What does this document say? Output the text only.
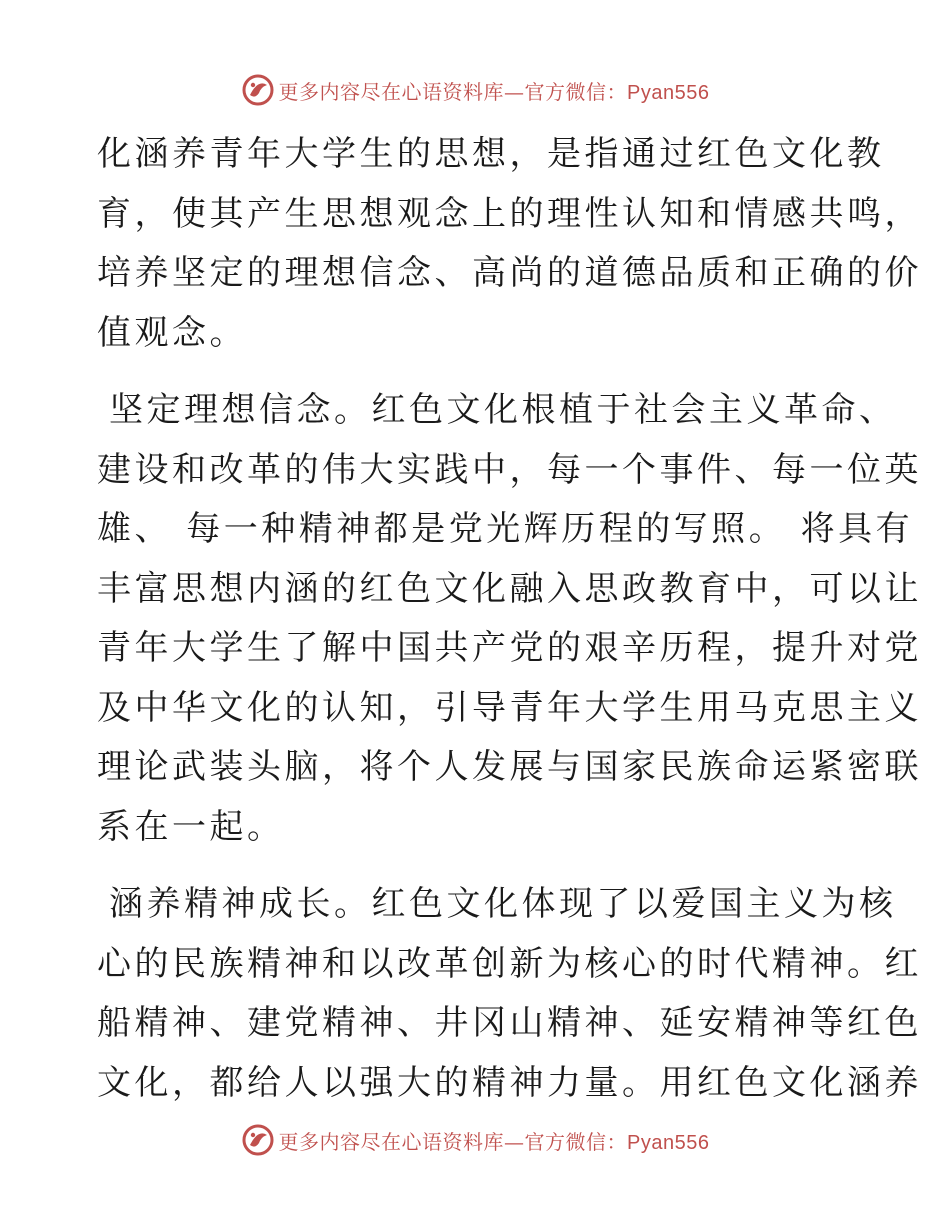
更多内容尽在心语资料库—官方微信：Pyan556

化涵养青年大学生的思想，是指通过红色文化教
育，使其产生思想观念上的理性认知和情感共鸣，
培养坚定的理想信念、高尚的道德品质和正确的价
值观念。

坚定理想信念。红色文化根植于社会主义革命、
建设和改革的伟大实践中，每一个事件、每一位英
雄、 每一种精神都是党光辉历程的写照。 将具有
丰富思想内涵的红色文化融入思政教育中，可以让
青年大学生了解中国共产党的艰辛历程，提升对党
及中华文化的认知，引导青年大学生用马克思主义
理论武装头脑，将个人发展与国家民族命运紧密联
系在一起。

涵养精神成长。红色文化体现了以爱国主义为核
心的民族精神和以改革创新为核心的时代精神。红
船精神、建党精神、井冈山精神、延安精神等红色
文化，都给人以强大的精神力量。用红色文化涵养

更多内容尽在心语资料库—官方微信：Pyan556
